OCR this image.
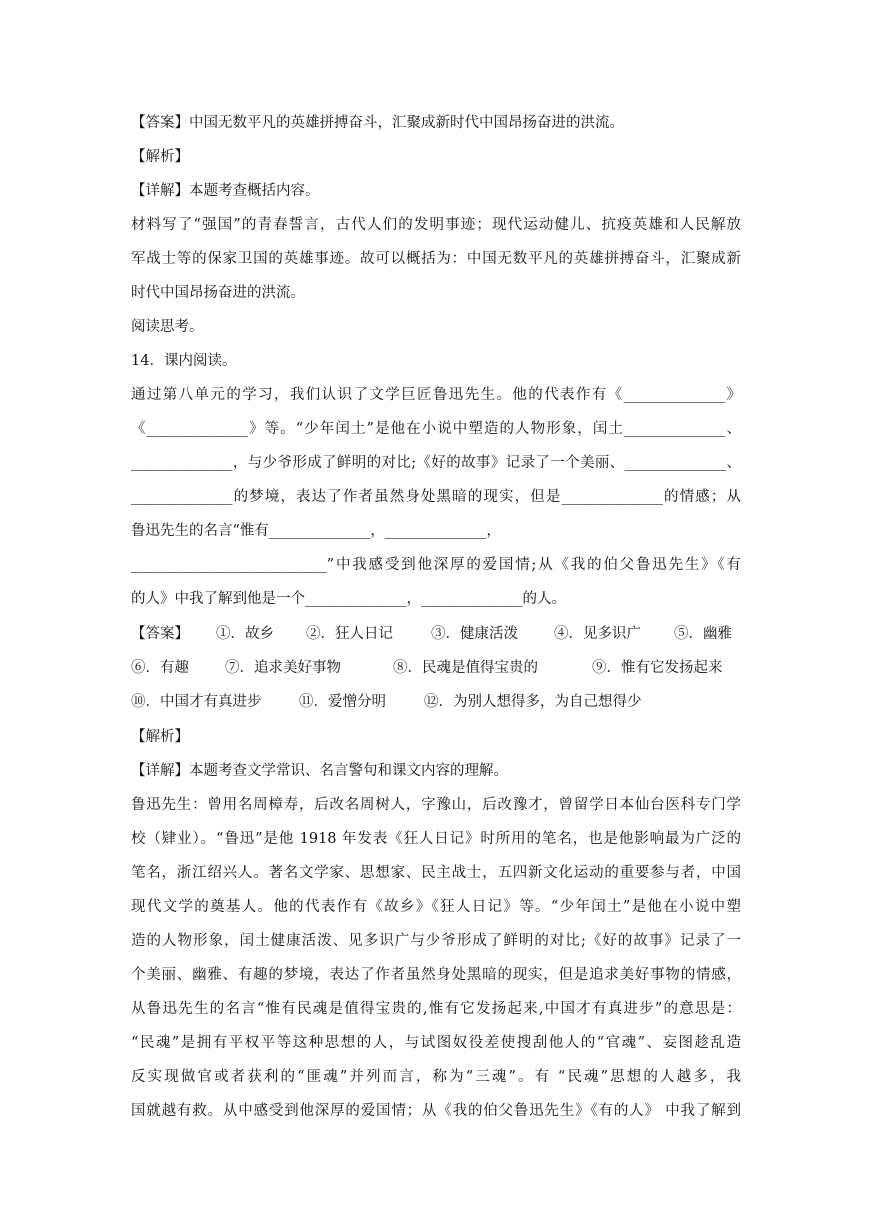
【答案】中国无数平凡的英雄拼搏奋斗，汇聚成新时代中国昂扬奋进的洪流。
【解析】
【详解】本题考查概括内容。
材料写了“强国”的青春誓言，古代人们的发明事迹；现代运动健儿、抗疫英雄和人民解放
军战士等的保家卫国的英雄事迹。故可以概括为：中国无数平凡的英雄拼搏奋斗，汇聚成新
时代中国昂扬奋进的洪流。
阅读思考。
14．课内阅读。
通过第八单元的学习，我们认识了文学巨匠鲁迅先生。他的代表作有《______________》
《______________》等。“少年闰土”是他在小说中塑造的人物形象，闰土______________、
______________，与少爷形成了鲜明的对比;《好的故事》记录了一个美丽、______________、
______________的梦境，表达了作者虽然身处黑暗的现实，但是______________的情感；从
鲁迅先生的名言“惟有______________，______________，
___________________________”中我感受到他深厚的爱国情;从《我的伯父鲁迅先生》《有
的人》中我了解到他是一个______________，______________的人。
【答案】 ①．故乡 ②．狂人日记	③．健康活泼 ④．见多识广 ⑤．幽雅
⑥．有趣 ⑦．追求美好事物	⑧．民魂是值得宝贵的	⑨．惟有它发扬起来
⑩．中国才有真进步	⑪．爱憎分明	⑫．为别人想得多，为自己想得少
【解析】
【详解】本题考查文学常识、名言警句和课文内容的理解。
鲁迅先生：曾用名周樟寿，后改名周树人，字豫山，后改豫才，曾留学日本仙台医科专门学
校（肄业）。“鲁迅”是他 1918 年发表《狂人日记》时所用的笔名，也是他影响最为广泛的
笔名，浙江绍兴人。著名文学家、思想家、民主战士，五四新文化运动的重要参与者，中国
现代文学的奠基人。他的代表作有《故乡》《狂人日记》等。“少年闰土”是他在小说中塑
造的人物形象，闰土健康活泼、见多识广与少爷形成了鲜明的对比;《好的故事》记录了一
个美丽、幽雅、有趣的梦境，表达了作者虽然身处黑暗的现实，但是追求美好事物的情感，
从鲁迅先生的名言“惟有民魂是值得宝贵的,惟有它发扬起来,中国才有真进步”的意思是：
“民魂”是拥有平权平等这种思想的人，与试图奴役差使搜刮他人的“官魂”、妄图趁乱造
反实现做官或者获利的“匪魂”并列而言，称为“三魂”。有 “民魂”思想的人越多，我
国就越有救。从中感受到他深厚的爱国情；从《我的伯父鲁迅先生》《有的人》 中我了解到
